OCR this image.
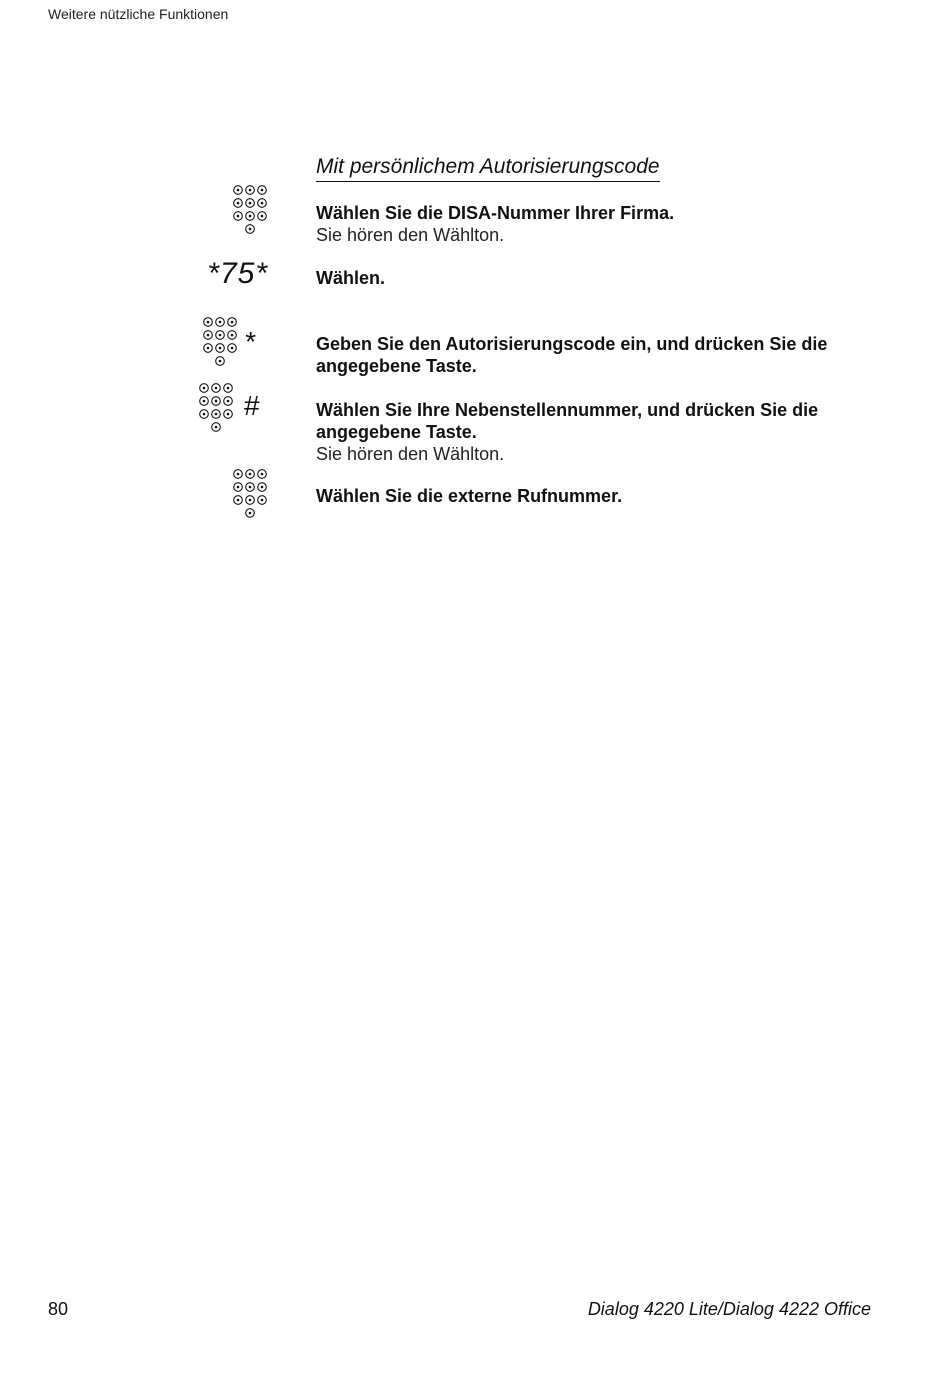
Weitere nützliche Funktionen
Mit persönlichem Autorisierungscode
Wählen Sie die DISA-Nummer Ihrer Firma.
Sie hören den Wählton.
*75*	Wählen.
*	Geben Sie den Autorisierungscode ein, und drücken Sie die angegebene Taste.
#	Wählen Sie Ihre Nebenstellennummer, und drücken Sie die angegebene Taste.
Sie hören den Wählton.
Wählen Sie die externe Rufnummer.
80	Dialog 4220 Lite/Dialog 4222 Office
